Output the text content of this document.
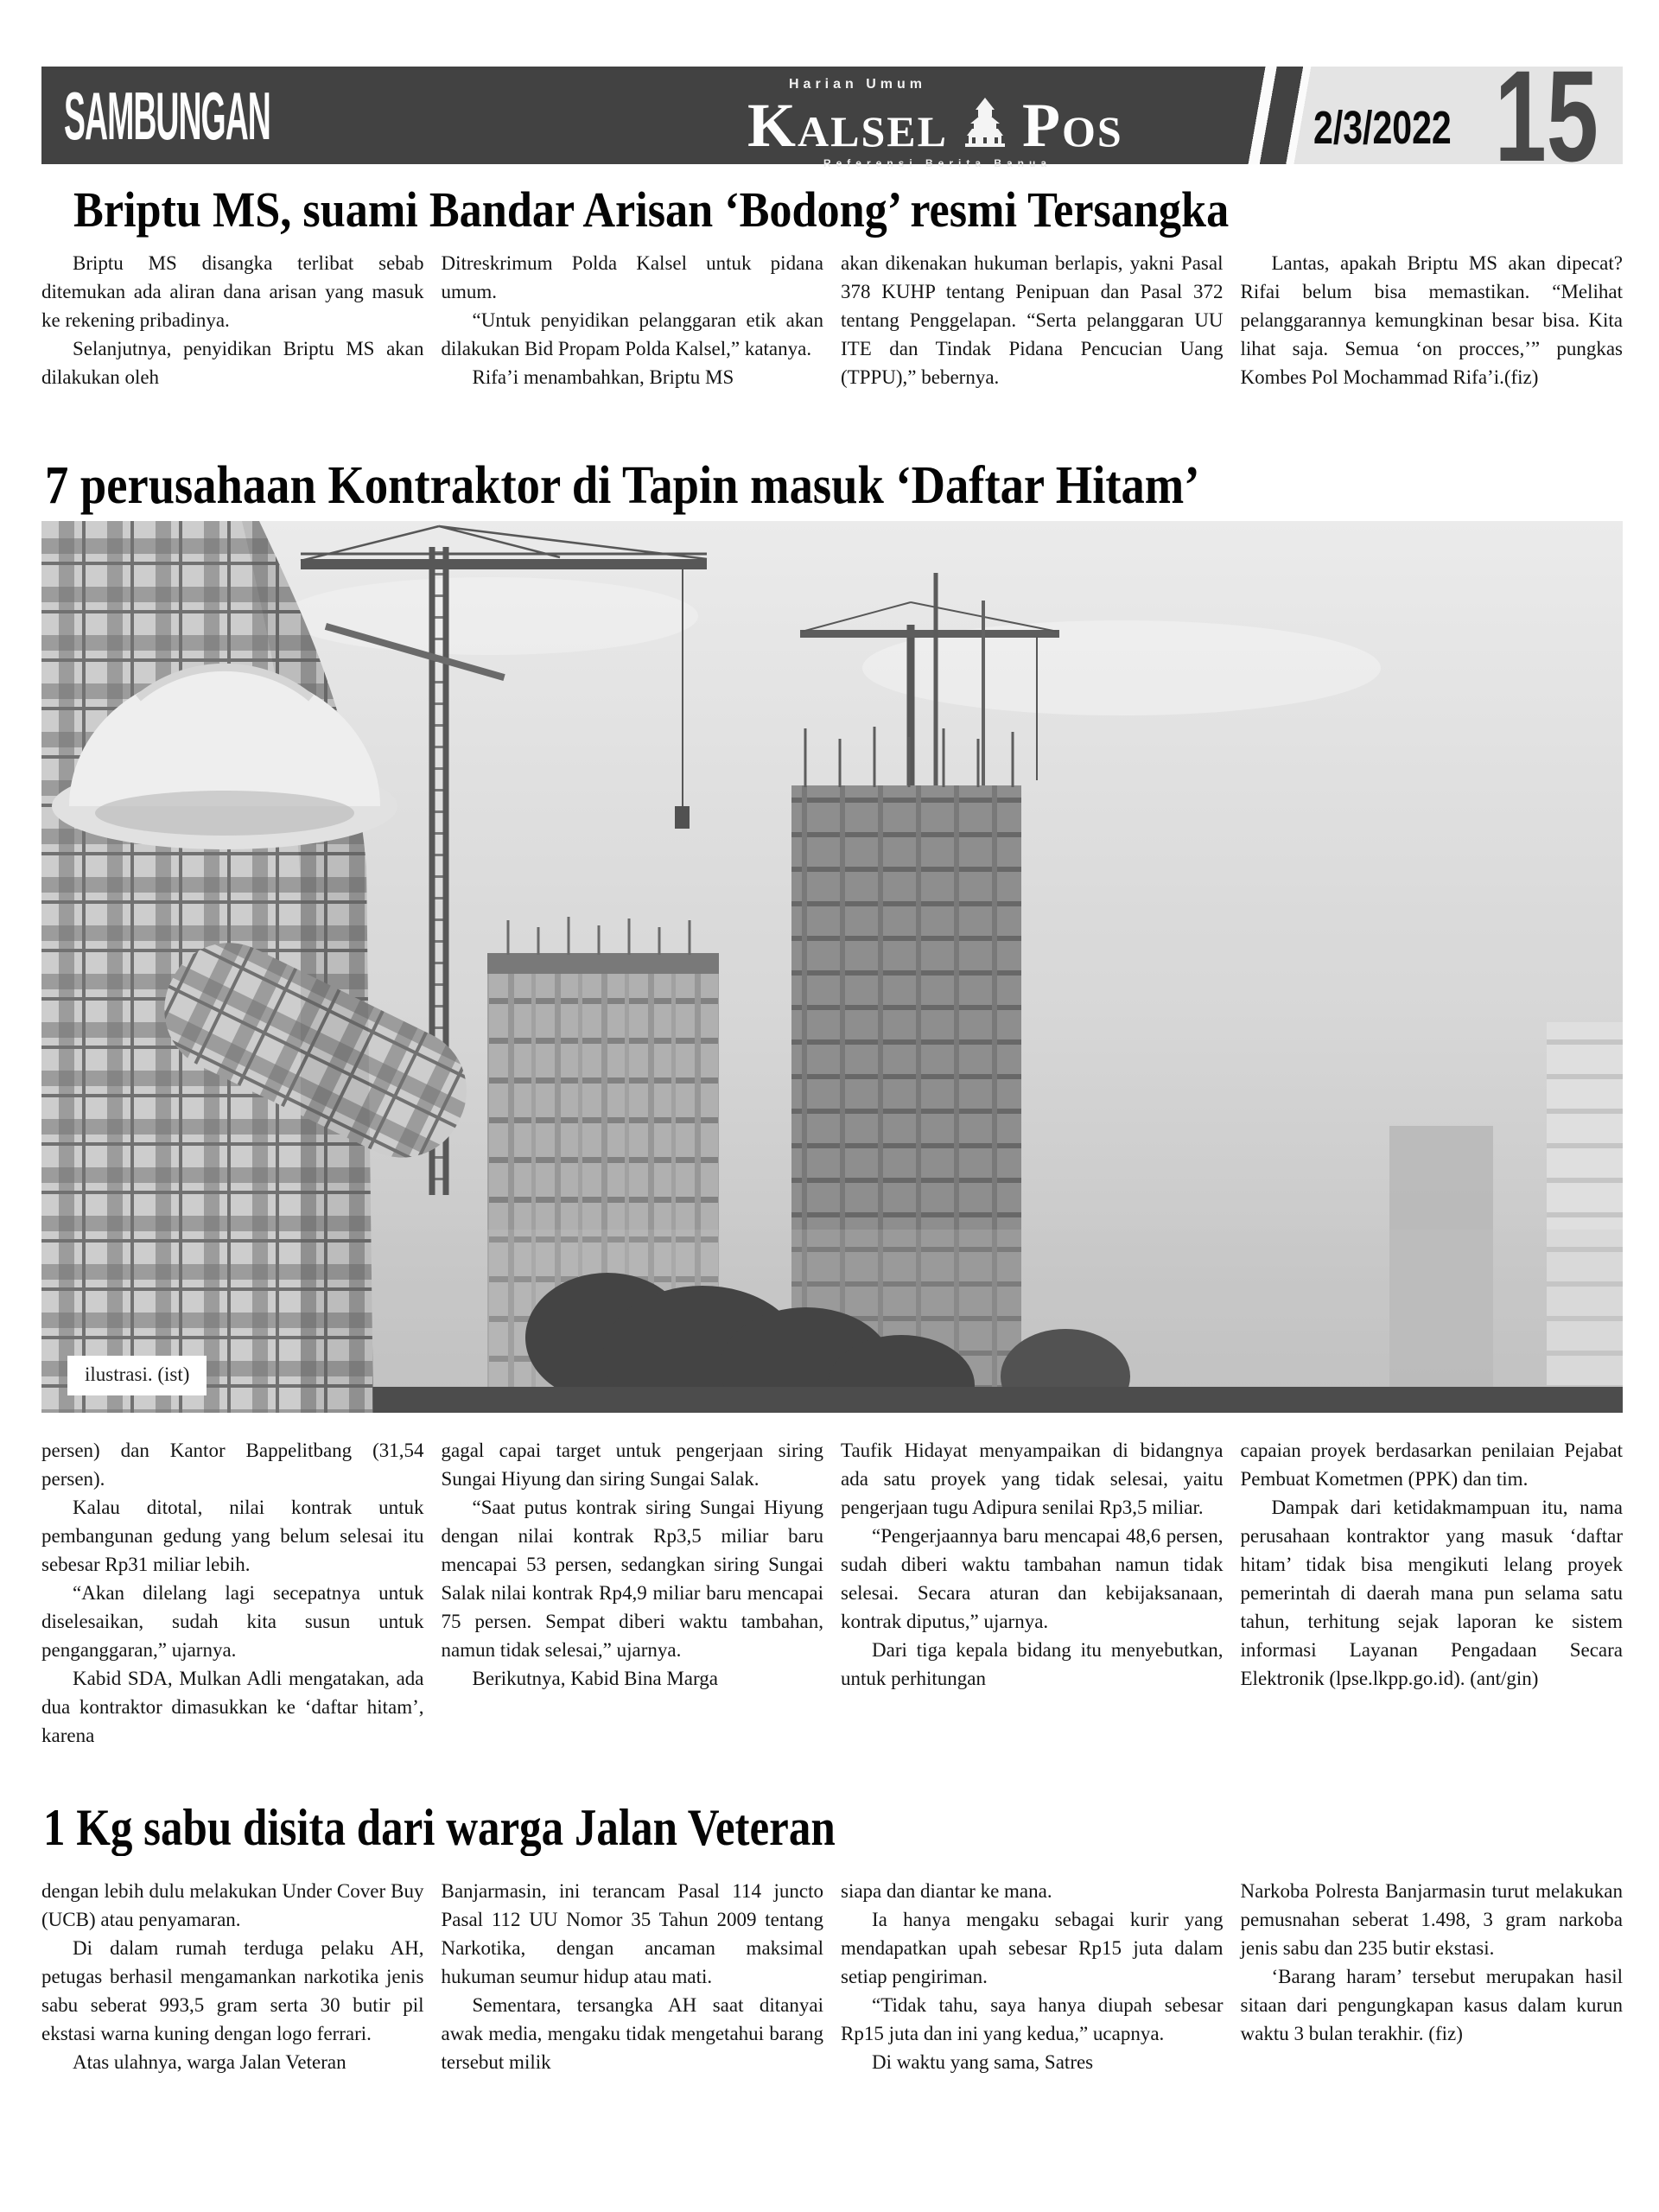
SAMBUNGAN	Harian Umum
Kalsel Pos
Referensi Berita Banua
2/3/2022 15
Briptu MS, suami Bandar Arisan ‘Bodong’ resmi Tersangka

Briptu MS disangka terlibat sebab ditemukan ada aliran dana arisan yang masuk ke rekening pribadinya.

Selanjutnya, penyidikan Briptu MS akan dilakukan oleh

Ditreskrimum Polda Kalsel untuk pidana umum.

“Untuk penyidikan pelanggaran etik akan dilakukan Bid Propam Polda Kalsel,” katanya.

Rifa’i menambahkan, Briptu MS

akan dikenakan hukuman berlapis, yakni Pasal 378 KUHP tentang Penipuan dan Pasal 372 tentang Penggelapan. “Serta pelanggaran UU ITE dan Tindak Pidana Pencucian Uang (TPPU),” bebernya.

Lantas, apakah Briptu MS akan dipecat? Rifai belum bisa memastikan. “Melihat pelanggarannya kemungkinan besar bisa. Kita lihat saja. Semua ‘on procces,’” pungkas Kombes Pol Mochammad Rifa’i.(fiz)

7 perusahaan Kontraktor di Tapin masuk ‘Daftar Hitam’
ilustrasi. (ist)

persen) dan Kantor Bappelitbang (31,54 persen).

Kalau ditotal, nilai kontrak untuk pembangunan gedung yang belum selesai itu sebesar Rp31 miliar lebih.

“Akan dilelang lagi secepatnya untuk diselesaikan, sudah kita susun untuk penganggaran,” ujarnya.

Kabid SDA, Mulkan Adli mengatakan, ada dua kontraktor dimasukkan ke ‘daftar hitam’, karena

gagal capai target untuk pengerjaan siring Sungai Hiyung dan siring Sungai Salak.

“Saat putus kontrak siring Sungai Hiyung dengan nilai kontrak Rp3,5 miliar baru mencapai 53 persen, sedangkan siring Sungai Salak nilai kontrak Rp4,9 miliar baru mencapai 75 persen. Sempat diberi waktu tambahan, namun tidak selesai,” ujarnya.

Berikutnya, Kabid Bina Marga

Taufik Hidayat menyampaikan di bidangnya ada satu proyek yang tidak selesai, yaitu pengerjaan tugu Adipura senilai Rp3,5 miliar.

“Pengerjaannya baru mencapai 48,6 persen, sudah diberi waktu tambahan namun tidak selesai. Secara aturan dan kebijaksanaan, kontrak diputus,” ujarnya.

Dari tiga kepala bidang itu menyebutkan, untuk perhitungan

capaian proyek berdasarkan penilaian Pejabat Pembuat Kometmen (PPK) dan tim.

Dampak dari ketidakmampuan itu, nama perusahaan kontraktor yang masuk ‘daftar hitam’ tidak bisa mengikuti lelang proyek pemerintah di daerah mana pun selama satu tahun, terhitung sejak laporan ke sistem informasi Layanan Pengadaan Secara Elektronik (lpse.lkpp.go.id). (ant/gin)

1 Kg sabu disita dari warga Jalan Veteran

dengan lebih dulu melakukan Under Cover Buy (UCB) atau penyamaran.

Di dalam rumah terduga pelaku AH, petugas berhasil mengamankan narkotika jenis sabu seberat 993,5 gram serta 30 butir pil ekstasi warna kuning dengan logo ferrari.

Atas ulahnya, warga Jalan Veteran

Banjarmasin, ini terancam Pasal 114 juncto Pasal 112 UU Nomor 35 Tahun 2009 tentang Narkotika, dengan ancaman maksimal hukuman seumur hidup atau mati.

Sementara, tersangka AH saat ditanyai awak media, mengaku tidak mengetahui barang tersebut milik

siapa dan diantar ke mana.

Ia hanya mengaku sebagai kurir yang mendapatkan upah sebesar Rp15 juta dalam setiap pengiriman.

“Tidak tahu, saya hanya diupah sebesar Rp15 juta dan ini yang kedua,” ucapnya.

Di waktu yang sama, Satres

Narkoba Polresta Banjarmasin turut melakukan pemusnahan seberat 1.498, 3 gram narkoba jenis sabu dan 235 butir ekstasi.

‘Barang haram’ tersebut merupakan hasil sitaan dari pengungkapan kasus dalam kurun waktu 3 bulan terakhir. (fiz)
